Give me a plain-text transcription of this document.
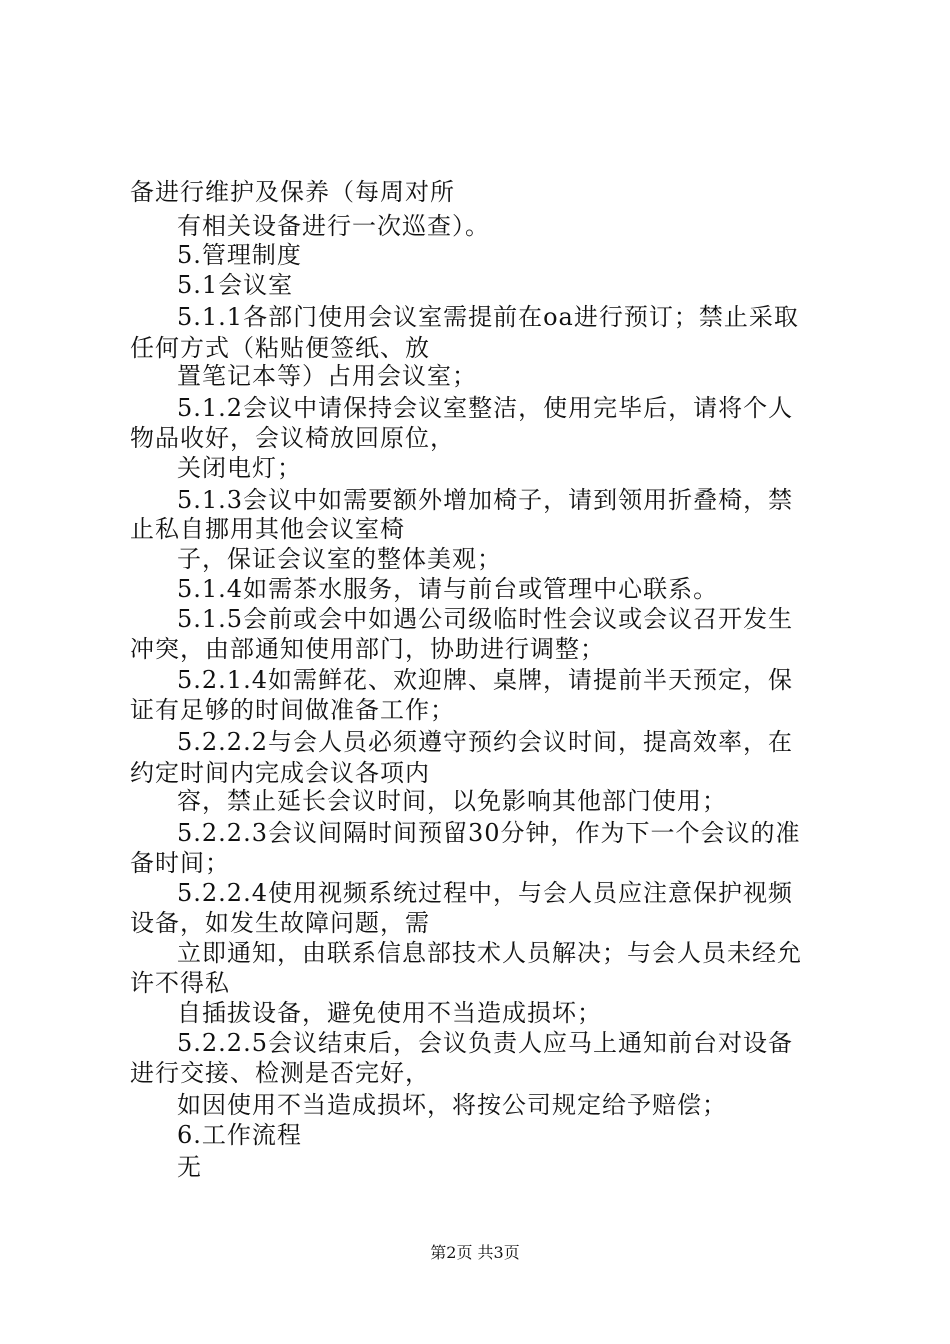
备进行维护及保养（每周对所
有相关设备进行一次巡查）。
5.管理制度
5.1会议室
5.1.1各部门使用会议室需提前在oa进行预订；禁止采取
任何方式（粘贴便签纸、放
置笔记本等）占用会议室；
5.1.2会议中请保持会议室整洁，使用完毕后，请将个人
物品收好，会议椅放回原位，
关闭电灯；
5.1.3会议中如需要额外增加椅子，请到领用折叠椅，禁
止私自挪用其他会议室椅
子，保证会议室的整体美观；
5.1.4如需茶水服务，请与前台或管理中心联系。
5.1.5会前或会中如遇公司级临时性会议或会议召开发生
冲突，由部通知使用部门，协助进行调整；
5.2.1.4如需鲜花、欢迎牌、桌牌，请提前半天预定，保
证有足够的时间做准备工作；
5.2.2.2与会人员必须遵守预约会议时间，提高效率，在
约定时间内完成会议各项内
容，禁止延长会议时间，以免影响其他部门使用；
5.2.2.3会议间隔时间预留30分钟，作为下一个会议的准
备时间；
5.2.2.4使用视频系统过程中，与会人员应注意保护视频
设备，如发生故障问题，需
立即通知，由联系信息部技术人员解决；与会人员未经允
许不得私
自插拔设备，避免使用不当造成损坏；
5.2.2.5会议结束后，会议负责人应马上通知前台对设备
进行交接、检测是否完好，
如因使用不当造成损坏，将按公司规定给予赔偿；
6.工作流程
无
第2页 共3页
